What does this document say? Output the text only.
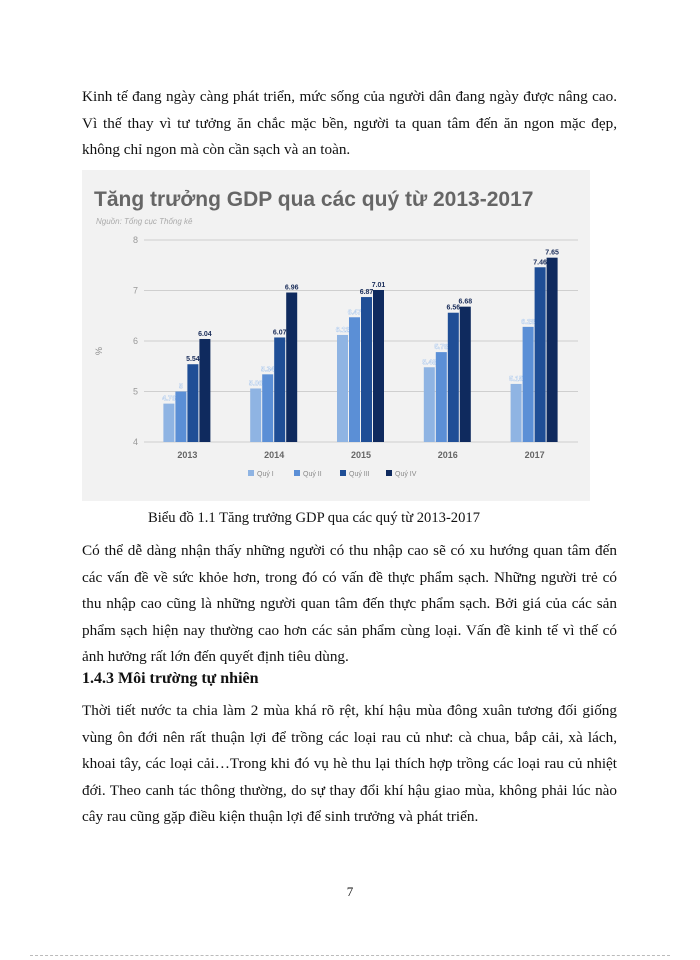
Kinh tế đang ngày càng phát triển, mức sống của người dân đang ngày được nâng cao. Vì thế thay vì tư tưởng ăn chắc mặc bền, người ta quan tâm đến ăn ngon mặc đẹp, không chỉ ngon mà còn cần sạch và an toàn.

Tăng trưởng GDP qua các quý từ 2013-2017
Nguồn: Tổng cục Thống kê
4
5
6
7
8
%
4.76
5
5.54
6.04
2013
5.06
5.34
6.07
6.96
2014
6.12
6.47
6.87
7.01
2015
5.48
5.78
6.56
6.68
2016
5.15
6.28
7.46
7.65
2017
Quý I	Quý II	Quý III	Quý IV

Biểu đồ 1.1 Tăng trưởng GDP qua các quý từ 2013-2017

Có thể dễ dàng nhận thấy những người có thu nhập cao sẽ có xu hướng quan tâm đến các vấn đề về sức khỏe hơn, trong đó có vấn đề thực phẩm sạch. Những người trẻ có thu nhập cao cũng là những người quan tâm đến thực phẩm sạch. Bởi giá của các sản phẩm sạch hiện nay thường cao hơn các sản phẩm cùng loại. Vấn đề kinh tế vì thế có ảnh hưởng rất lớn đến quyết định tiêu dùng.

1.4.3 Môi trường tự nhiên

Thời tiết nước ta chia làm 2 mùa khá rõ rệt, khí hậu mùa đông xuân tương đối giống vùng ôn đới nên rất thuận lợi để trồng các loại rau củ như: cà chua, bắp cải, xà lách, khoai tây, các loại cải…Trong khi đó vụ hè thu lại thích hợp trồng các loại rau củ nhiệt đới. Theo canh tác thông thường, do sự thay đổi khí hậu giao mùa, không phải lúc nào cây rau cũng gặp điều kiện thuận lợi để sinh trưởng và phát triển.

7
